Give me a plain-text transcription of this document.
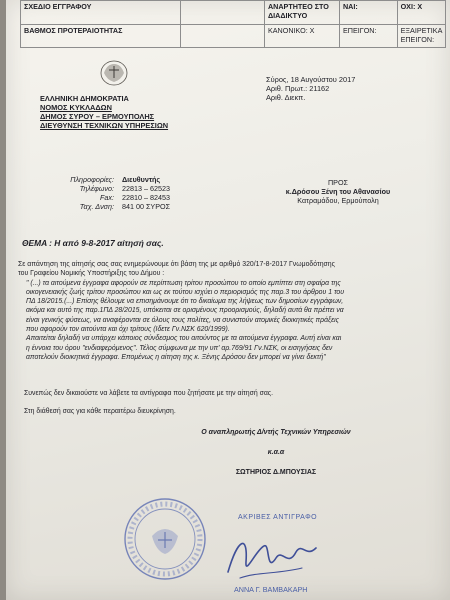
ΣΧΕΔΙΟ ΕΓΓΡΑΦΟΥ		ΑΝΑΡΤΗΤΕΟ ΣΤΟ ΔΙΑΔΙΚΤΥΟ	ΝΑΙ:	ΟΧΙ: Χ
ΒΑΘΜΟΣ ΠΡΟΤΕΡΑΙΟΤΗΤΑΣ		ΚΑΝΟΝΙΚΟ: Χ	ΕΠΕΙΓΟΝ:	ΕΞΑΙΡΕΤΙΚΑ ΕΠΕΙΓΟΝ:
ΕΛΛΗΝΙΚΗ ΔΗΜΟΚΡΑΤΙΑ
ΝΟΜΟΣ ΚΥΚΛΑΔΩΝ
ΔΗΜΟΣ ΣΥΡΟΥ – ΕΡΜΟΥΠΟΛΗΣ
ΔΙΕΥΘΥΝΣΗ ΤΕΧΝΙΚΩΝ ΥΠΗΡΕΣΙΩΝ
Σύρος, 18 Αυγούστου 2017
Αριθ. Πρωτ.: 21162
Αριθ. Διεκπ.
Πληροφορίες:	Διευθυντής
Τηλέφωνο:	22813 – 62523
Fax:	22810 – 82453
Ταχ. Δνση:	841 00 ΣΥΡΟΣ
ΠΡΟΣ
κ.Δρόσου Ξένη του Αθανασίου
Κατραμάδου, Ερμούπολη
ΘΕΜΑ : Η από 9-8-2017 αίτησή σας.

Σε απάντηση της αίτησής σας σας ενημερώνουμε ότι βάση της με αριθμό 320/17-8-2017 Γνωμοδότησης

του Γραφείου Νομικής Υποστήριξης του Δήμου :

" (...) τα αιτούμενα έγγραφα αφορούν σε περίπτωση τρίτου προσώπου το οποίο εμπίπτει στη σφαίρα της

οικογενειακής ζωής τρίτου προσώπου και ως εκ τούτου ισχύει ο περιορισμός της παρ.3 του άρθρου 1 του

ΠΔ 18/2015.(...) Επίσης θέλουμε να επισημάνουμε ότι το δικαίωμα της λήψεως των δημοσίων εγγράφων,

ακόμα και αυτό της παρ.1ΠΔ 28/2015, υπόκειται σε ορισμένους προορισμούς, δηλαδή αυτά θα πρέπει να

είναι γενικής φύσεως, να αναφέρονται σε όλους τους πολίτες, να συνιστούν ατομικές διοικητικές πράξεις

που αφορούν τον αιτούντα και όχι τρίτους (Ιδετε Γν.ΝΣΚ 620/1999).

Απαιτείται δηλαδή να υπάρχει κάποιος σύνδεσμος του αιτούντος με τα αιτούμενα έγγραφα. Αυτή είναι και

η έννοια του όρου "ενδιαφερόμενος". Τέλος σύμφωνα με την υπ' αρ.769/91 Γν.ΝΣΚ, οι εισηγήσεις δεν

αποτελούν διοικητικά έγγραφα. Επομένως η αίτηση της κ. Ξένης Δρόσου δεν μπορεί να γίνει δεκτή"

Συνεπώς δεν δικαιούστε να λάβετε τα αντίγραφα που ζητήσατε με την αίτησή σας.
Στη διάθεσή σας για κάθε περαιτέρω διευκρίνηση.
Ο αναπληρωτής Δ/ντής Τεχνικών Υπηρεσιών
κ.α.α
ΣΩΤΗΡΙΟΣ Δ.ΜΠΟΥΣΙΑΣ
ΑΚΡΙΒΕΣ ΑΝΤΙΓΡΑΦΟ
ΑΝΝΑ Γ. ΒΑΜΒΑΚΑΡΗ
